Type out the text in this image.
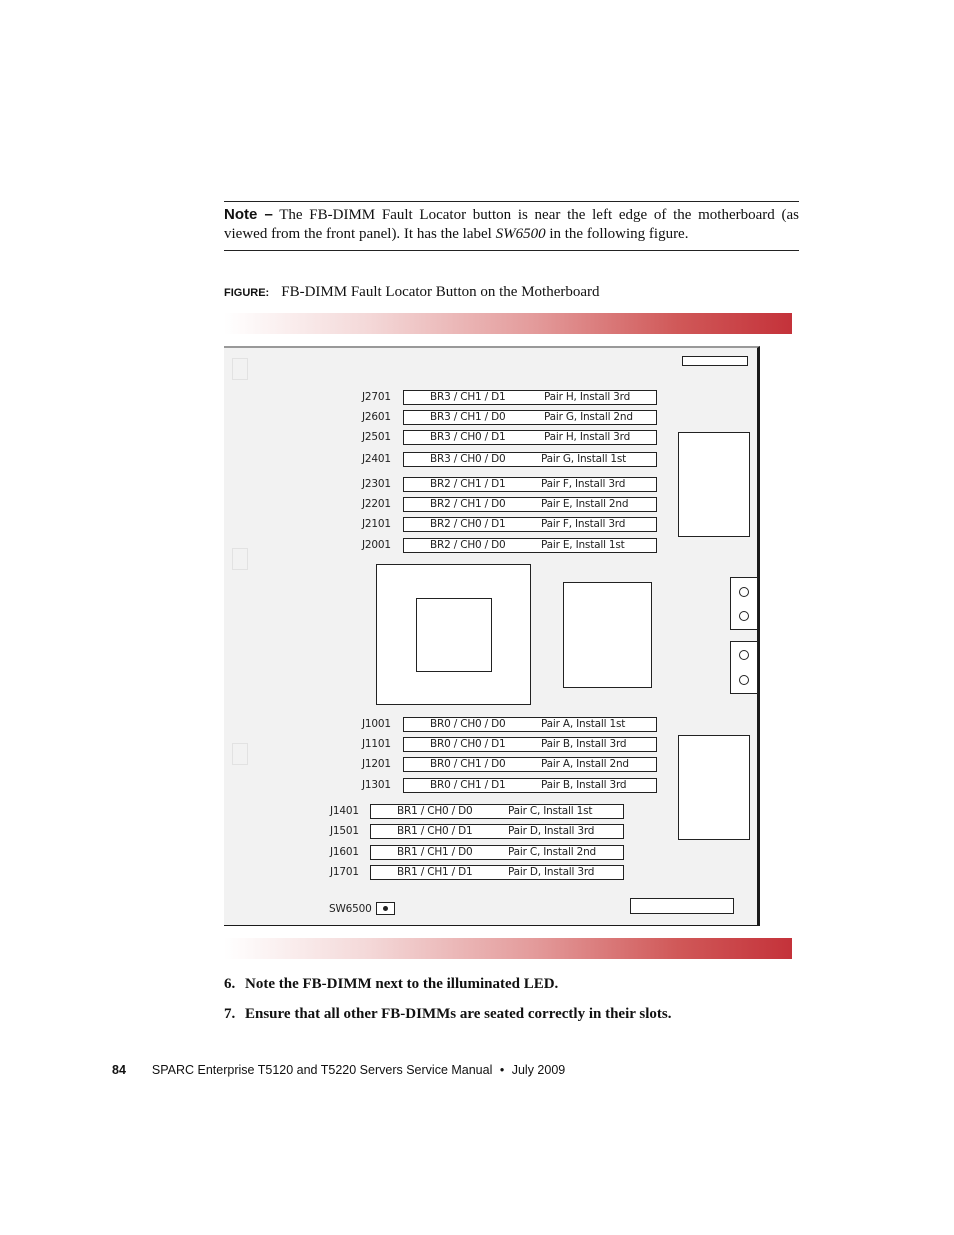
Note – The FB-DIMM Fault Locator button is near the left edge of the motherboard (as viewed from the front panel). It has the label SW6500 in the following figure.
FIGURE: FB-DIMM Fault Locator Button on the Motherboard
J2701	BR3 / CH1 / D1	Pair H, Install 3rd
J2601	BR3 / CH1 / D0	Pair G, Install 2nd
J2501	BR3 / CH0 / D1	Pair H, Install 3rd
J2401	BR3 / CH0 / D0	Pair G, Install 1st
J2301	BR2 / CH1 / D1	Pair F, Install 3rd
J2201	BR2 / CH1 / D0	Pair E, Install 2nd
J2101	BR2 / CH0 / D1	Pair F, Install 3rd
J2001	BR2 / CH0 / D0	Pair E, Install 1st
J1001	BR0 / CH0 / D0	Pair A, Install 1st
J1101	BR0 / CH0 / D1	Pair B, Install 3rd
J1201	BR0 / CH1 / D0	Pair A, Install 2nd
J1301	BR0 / CH1 / D1	Pair B, Install 3rd
J1401	BR1 / CH0 / D0	Pair C, Install 1st
J1501	BR1 / CH0 / D1	Pair D, Install 3rd
J1601	BR1 / CH1 / D0	Pair C, Install 2nd
J1701	BR1 / CH1 / D1	Pair D, Install 3rd
SW6500
6. Note the FB-DIMM next to the illuminated LED.
7. Ensure that all other FB-DIMMs are seated correctly in their slots.
84 SPARC Enterprise T5120 and T5220 Servers Service Manual • July 2009
